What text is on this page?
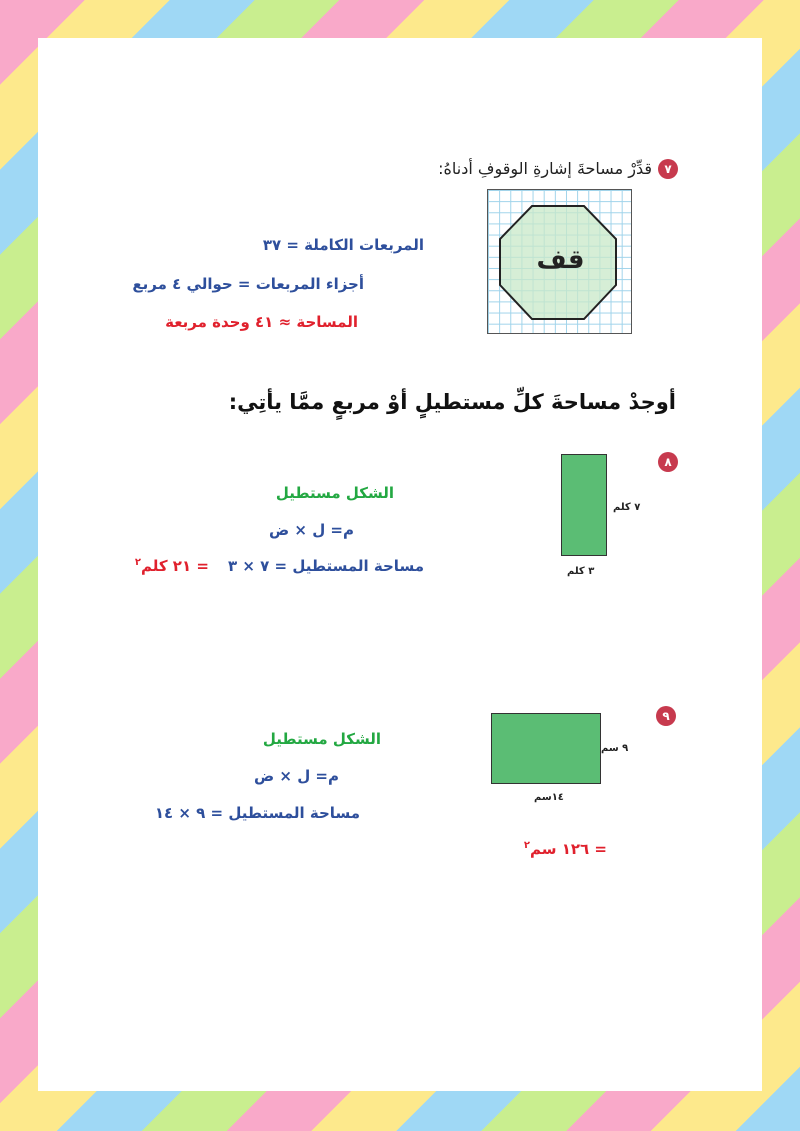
٧
قدِّرْ مساحةَ إشارةِ الوقوفِ أدناهُ:
قف
المربعات الكاملة = ٣٧
أجزاء المربعات = حوالي ٤ مربع
المساحة ≈ ٤١ وحدة مربعة
أوجدْ مساحةَ كلِّ مستطيلٍ أوْ مربعٍ ممَّا يأتِي:
٨
٧ كلم
٣ كلم
الشكل مستطيل
م= ل × ض
مساحة المستطيل = ٧ × ٣ = ٢١ كلم$^٢$
٩
٩ سم
١٤سم
الشكل مستطيل
م= ل × ض
مساحة المستطيل = ٩ × ١٤
= ١٢٦ سم$^٢$
